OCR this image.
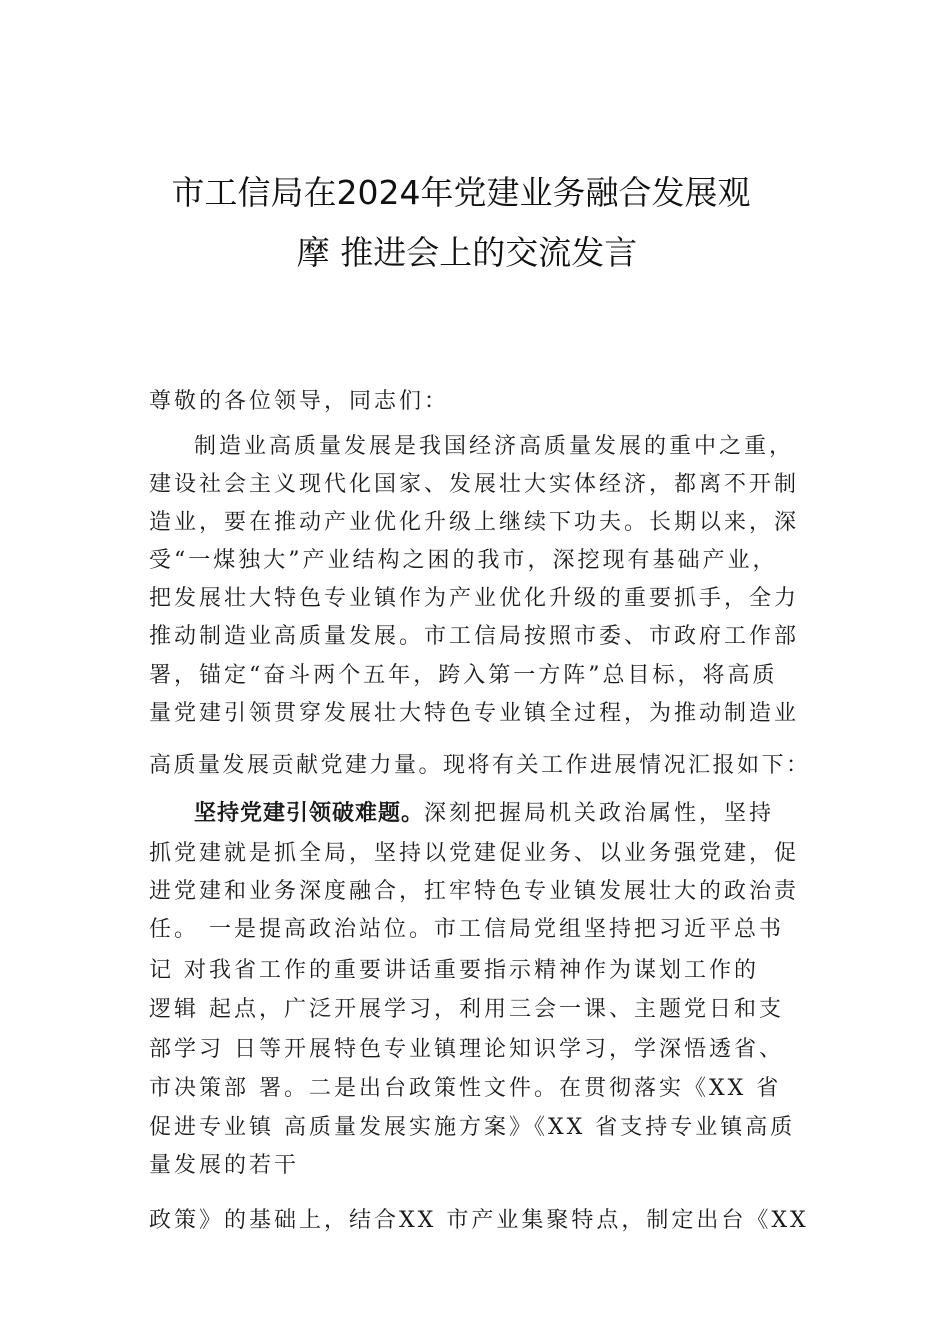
市工信局在2024年党建业务融合发展观
摩 推进会上的交流发言
尊敬的各位领导，同志们：
制造业高质量发展是我国经济高质量发展的重中之重，
建设社会主义现代化国家、发展壮大实体经济，都离不开制
造业，要在推动产业优化升级上继续下功夫。长期以来，深
受“一煤独大”产业结构之困的我市，深挖现有基础产业，
把发展壮大特色专业镇作为产业优化升级的重要抓手，全力
推动制造业高质量发展。市工信局按照市委、市政府工作部
署，锚定“奋斗两个五年，跨入第一方阵”总目标，将高质
量党建引领贯穿发展壮大特色专业镇全过程，为推动制造业
高质量发展贡献党建力量。现将有关工作进展情况汇报如下：
坚持党建引领破难题。深刻把握局机关政治属性，坚持
抓党建就是抓全局，坚持以党建促业务、以业务强党建，促
进党建和业务深度融合，扛牢特色专业镇发展壮大的政治责
任。 一是提高政治站位。市工信局党组坚持把习近平总书
记 对我省工作的重要讲话重要指示精神作为谋划工作的
逻辑 起点，广泛开展学习，利用三会一课、主题党日和支
部学习 日等开展特色专业镇理论知识学习，学深悟透省、
市决策部 署。二是出台政策性文件。在贯彻落实《XX 省
促进专业镇 高质量发展实施方案》《XX 省支持专业镇高质
量发展的若干
政策》的基础上，结合XX 市产业集聚特点，制定出台《XX
